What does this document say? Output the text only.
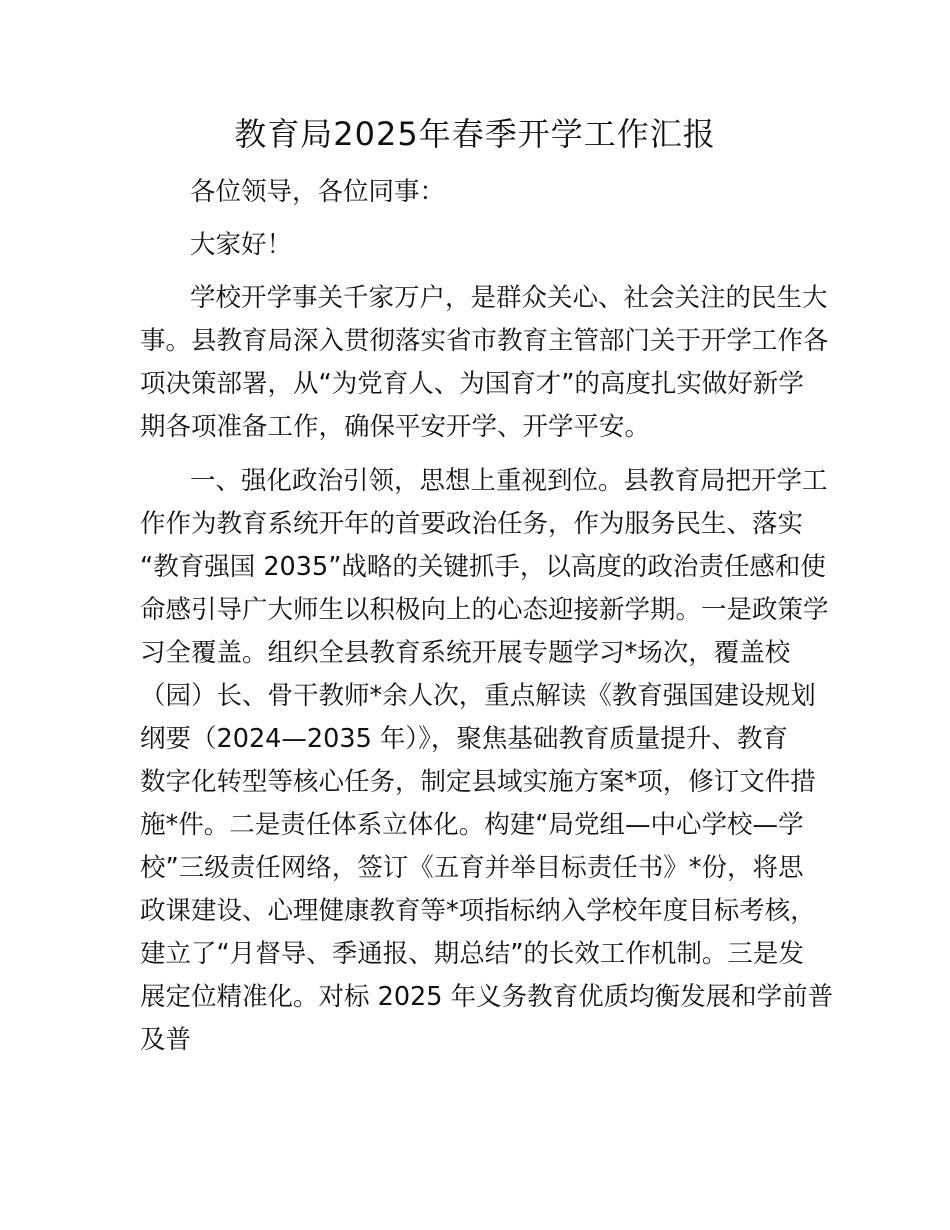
教育局2025年春季开学工作汇报
各位领导，各位同事：
大家好！
学校开学事关千家万户，是群众关心、社会关注的民生大
事。县教育局深入贯彻落实省市教育主管部门关于开学工作各
项决策部署，从“为党育人、为国育才”的高度扎实做好新学
期各项准备工作，确保平安开学、开学平安。
一、强化政治引领，思想上重视到位。县教育局把开学工
作作为教育系统开年的首要政治任务，作为服务民生、落实
“教育强国 2035”战略的关键抓手，以高度的政治责任感和使
命感引导广大师生以积极向上的心态迎接新学期。一是政策学
习全覆盖。组织全县教育系统开展专题学习*场次，覆盖校
（园）长、骨干教师*余人次，重点解读《教育强国建设规划
纲要（2024—2035 年）》，聚焦基础教育质量提升、教育
数字化转型等核心任务，制定县域实施方案*项，修订文件措
施*件。二是责任体系立体化。构建“局党组—中心学校—学
校”三级责任网络，签订《五育并举目标责任书》*份，将思
政课建设、心理健康教育等*项指标纳入学校年度目标考核，
建立了“月督导、季通报、期总结”的长效工作机制。三是发
展定位精准化。对标 2025 年义务教育优质均衡发展和学前普
及普
